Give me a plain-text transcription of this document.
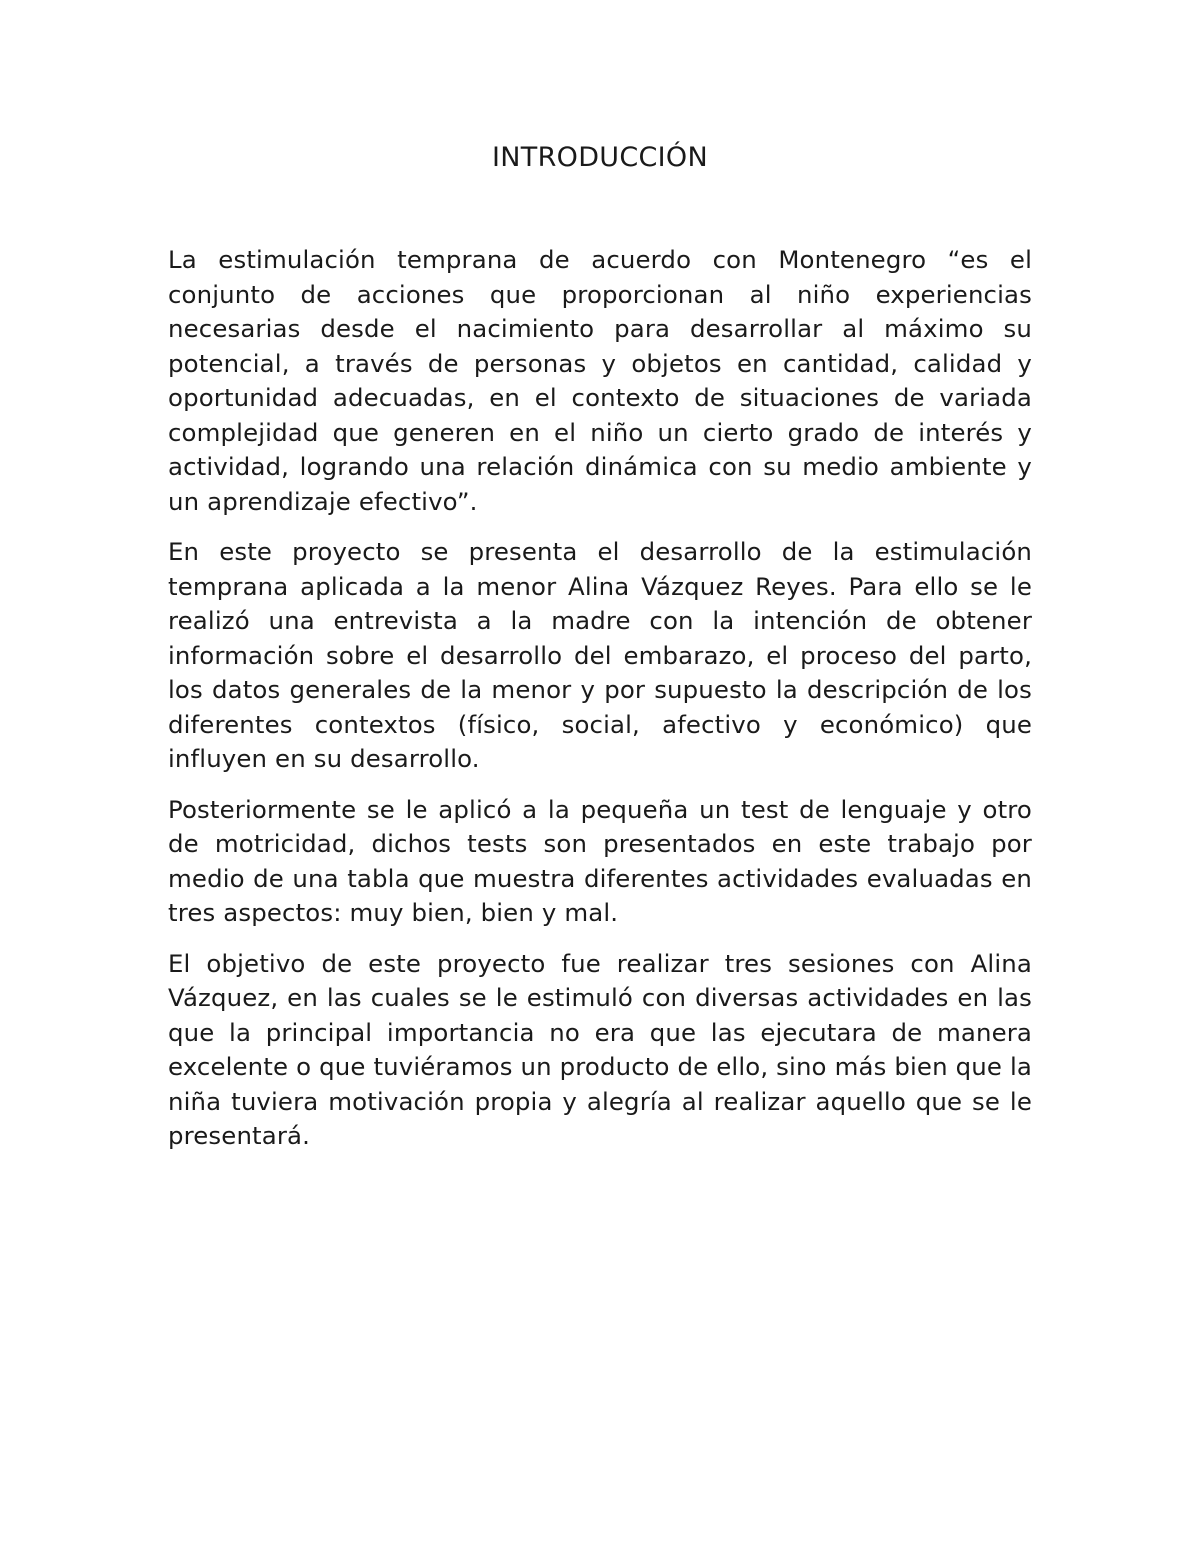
INTRODUCCIÓN

La estimulación temprana de acuerdo con Montenegro “es el conjunto de acciones que proporcionan al niño experiencias necesarias desde el nacimiento para desarrollar al máximo su potencial, a través de personas y objetos en cantidad, calidad y oportunidad adecuadas, en el contexto de situaciones de variada complejidad que generen en el niño un cierto grado de interés y actividad, logrando una relación dinámica con su medio ambiente y un aprendizaje efectivo”.

En este proyecto se presenta el desarrollo de la estimulación temprana aplicada a la menor Alina Vázquez Reyes. Para ello se le realizó una entrevista a la madre con la intención de obtener información sobre el desarrollo del embarazo, el proceso del parto, los datos generales de la menor y por supuesto la descripción de los diferentes contextos (físico, social, afectivo y económico) que influyen en su desarrollo.

Posteriormente se le aplicó a la pequeña un test de lenguaje y otro de motricidad, dichos tests son presentados en este trabajo por medio de una tabla que muestra diferentes actividades evaluadas en tres aspectos: muy bien, bien y mal.

El objetivo de este proyecto fue realizar tres sesiones con Alina Vázquez, en las cuales se le estimuló con diversas actividades en las que la principal importancia no era que las ejecutara de manera excelente o que tuviéramos un producto de ello, sino más bien que la niña tuviera motivación propia y alegría al realizar aquello que se le presentará.
